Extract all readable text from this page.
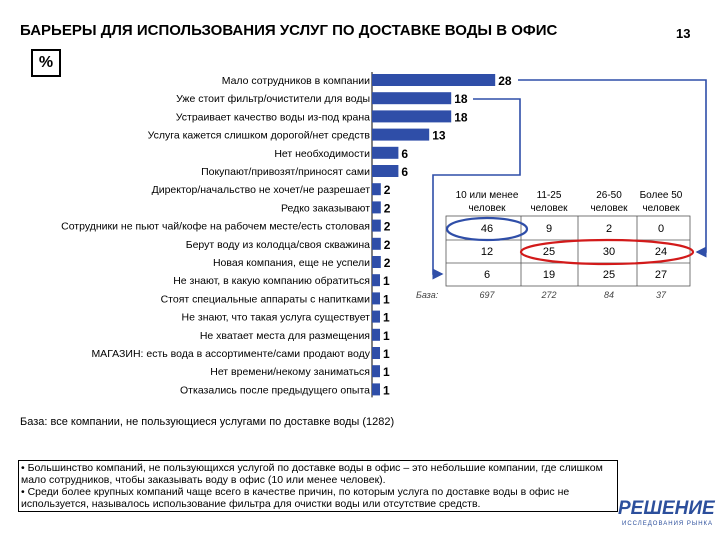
БАРЬЕРЫ ДЛЯ ИСПОЛЬЗОВАНИЯ УСЛУГ ПО ДОСТАВКЕ ВОДЫ В ОФИС	13
%
Мало сотрудников в компании	28
Уже стоит фильтр/очистители для воды	18
Устраивает качество воды из-под крана	18
Услуга кажется слишком дорогой/нет средств	13
Нет необходимости	6
Покупают/привозят/приносят сами	6
Директор/начальство не хочет/не разрешает 2
Редко заказывают 2
Сотрудники не пьют чай/кофе на рабочем месте/есть столовая 2
Берут воду из колодца/своя скважина 2
Новая компания, еще не успели 2
Не знают, в какую компанию обратиться 1
Стоят специальные аппараты с напитками 1
Не знают, что такая услуга существует 1
Не хватает места для размещения 1
МАГАЗИН: есть вода в ассортименте/сами продают воду 1
Нет времени/некому заниматься 1
Отказались после предыдущего опыта 1
10 или менее
человек
11-25
человек
26-50
человек
Более 50
человек
46	9	2	0
12	25	30	24
6	19	25	27
База:	697	272	84	37
База: все компании, не пользующиеся услугами по доставке воды (1282)

• Большинство компаний, не пользующихся услугой по доставке воды в офис – это небольшие компании, где слишком мало сотрудников, чтобы заказывать воду в офис (10 или менее человек).

• Среди более крупных компаний чаще всего в качестве причин, по которым услуга по доставке воды в офис не используется, называлось использование фильтра для очистки воды или отсутствие средств.	РЕШЕНИЕ
ИССЛЕДОВАНИЯ РЫНКА
